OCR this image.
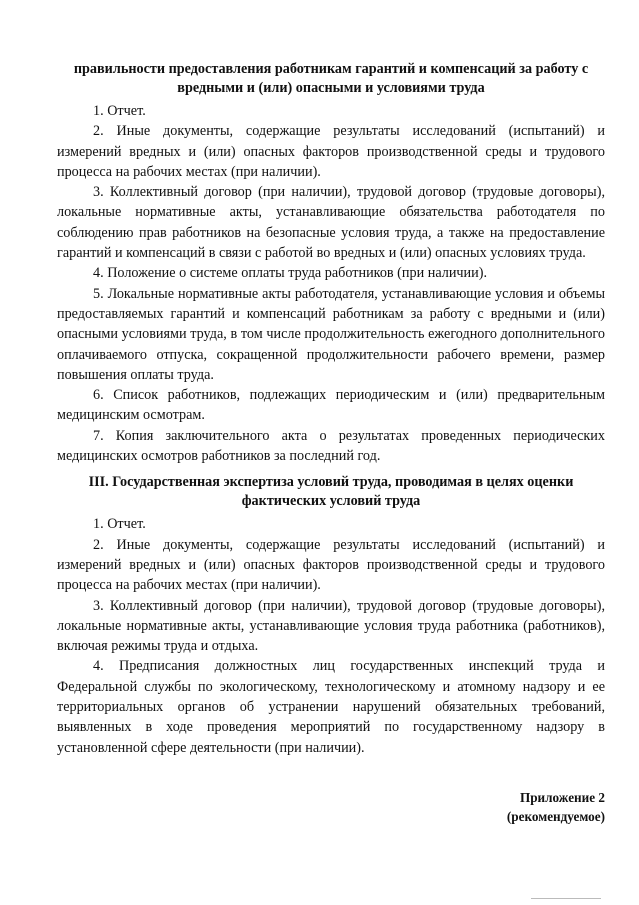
правильности предоставления работникам гарантий и компенсаций за работу с вредными и (или) опасными и условиями труда

1. Отчет.

2. Иные документы, содержащие результаты исследований (испытаний) и измерений вредных и (или) опасных факторов производственной среды и трудового процесса на рабочих местах (при наличии).

3. Коллективный договор (при наличии), трудовой договор (трудовые договоры), локальные нормативные акты, устанавливающие обязательства работодателя по соблюдению прав работников на безопасные условия труда, а также на предоставление гарантий и компенсаций в связи с работой во вредных и (или) опасных условиях труда.

4. Положение о системе оплаты труда работников (при наличии).

5. Локальные нормативные акты работодателя, устанавливающие условия и объемы предоставляемых гарантий и компенсаций работникам за работу с вредными и (или) опасными условиями труда, в том числе продолжительность ежегодного дополнительного оплачиваемого отпуска, сокращенной продолжительности рабочего времени, размер повышения оплаты труда.

6. Список работников, подлежащих периодическим и (или) предварительным медицинским осмотрам.

7. Копия заключительного акта о результатах проведенных периодических медицинских осмотров работников за последний год.

III. Государственная экспертиза условий труда, проводимая в целях оценки фактических условий труда

1. Отчет.

2. Иные документы, содержащие результаты исследований (испытаний) и измерений вредных и (или) опасных факторов производственной среды и трудового процесса на рабочих местах (при наличии).

3. Коллективный договор (при наличии), трудовой договор (трудовые договоры), локальные нормативные акты, устанавливающие условия труда работника (работников), включая режимы труда и отдыха.

4. Предписания должностных лиц государственных инспекций труда и Федеральной службы по экологическому, технологическому и атомному надзору и ее территориальных органов об устранении нарушений обязательных требований, выявленных в ходе проведения мероприятий по государственному надзору в установленной сфере деятельности (при наличии).

Приложение 2
(рекомендуемое)
